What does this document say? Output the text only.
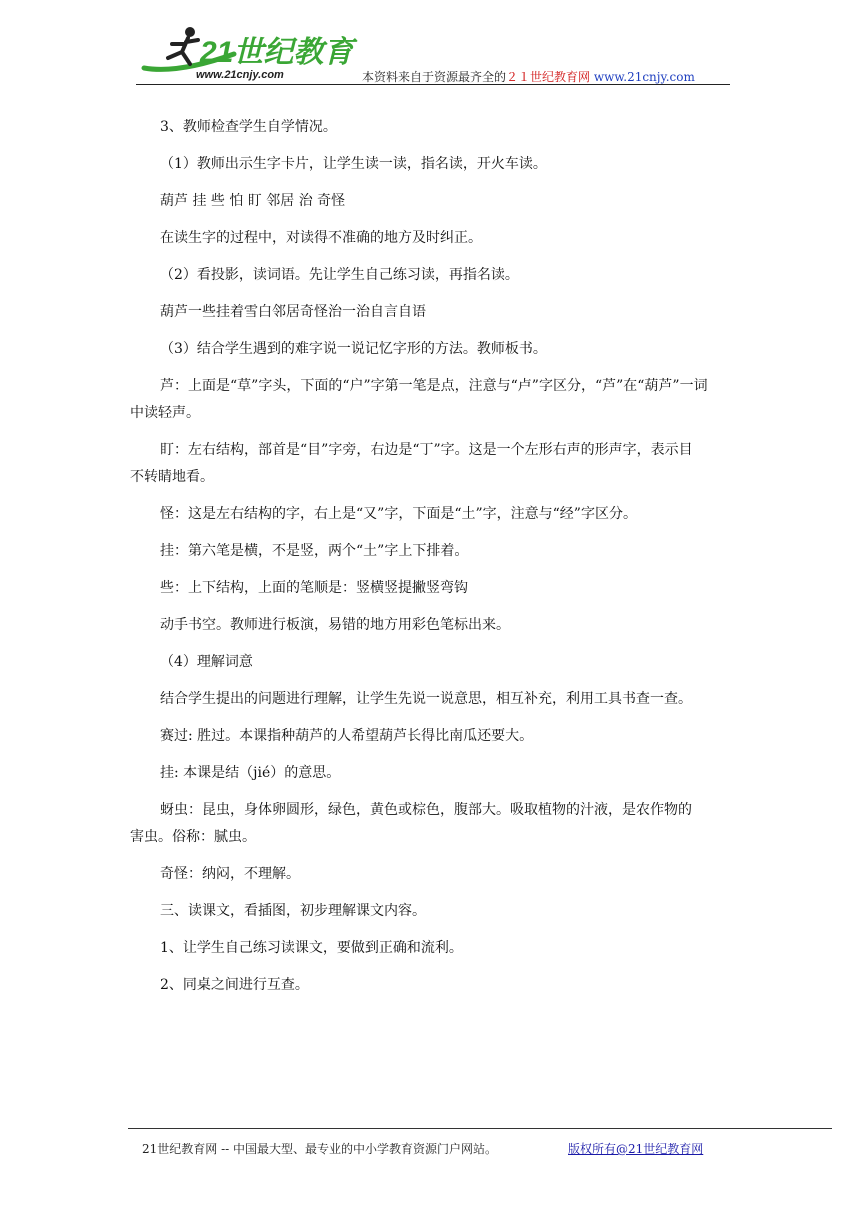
21世纪教育
www.21cnjy.com	本资料来自于资源最齐全的２１世纪教育网 www.21cnjy.com

3、教师检查学生自学情况。

（1）教师出示生字卡片，让学生读一读，指名读，开火车读。

葫芦 挂 些 怕 盯 邻居 治 奇怪

在读生字的过程中，对读得不准确的地方及时纠正。

（2）看投影，读词语。先让学生自己练习读，再指名读。

葫芦一些挂着雪白邻居奇怪治一治自言自语

（3）结合学生遇到的难字说一说记忆字形的方法。教师板书。

芦：上面是“草”字头，下面的“户”字第一笔是点，注意与“卢”字区分，“芦”在“葫芦”一词

中读轻声。

盯：左右结构，部首是“目”字旁，右边是“丁”字。这是一个左形右声的形声字，表示目

不转睛地看。

怪：这是左右结构的字，右上是“又”字，下面是“土”字，注意与“经”字区分。

挂：第六笔是横，不是竖，两个“土”字上下排着。

些：上下结构，上面的笔顺是：竖横竖提撇竖弯钩

动手书空。教师进行板演，易错的地方用彩色笔标出来。

（4）理解词意

结合学生提出的问题进行理解，让学生先说一说意思，相互补充，利用工具书查一查。

赛过: 胜过。本课指种葫芦的人希望葫芦长得比南瓜还要大。

挂: 本课是结（jié）的意思。

蚜虫：昆虫，身体卵圆形，绿色，黄色或棕色，腹部大。吸取植物的汁液，是农作物的

害虫。俗称：腻虫。

奇怪：纳闷，不理解。

三、读课文，看插图，初步理解课文内容。

1、让学生自己练习读课文，要做到正确和流利。

2、同桌之间进行互查。

21世纪教育网 -- 中国最大型、最专业的中小学教育资源门户网站。	版权所有@21世纪教育网
